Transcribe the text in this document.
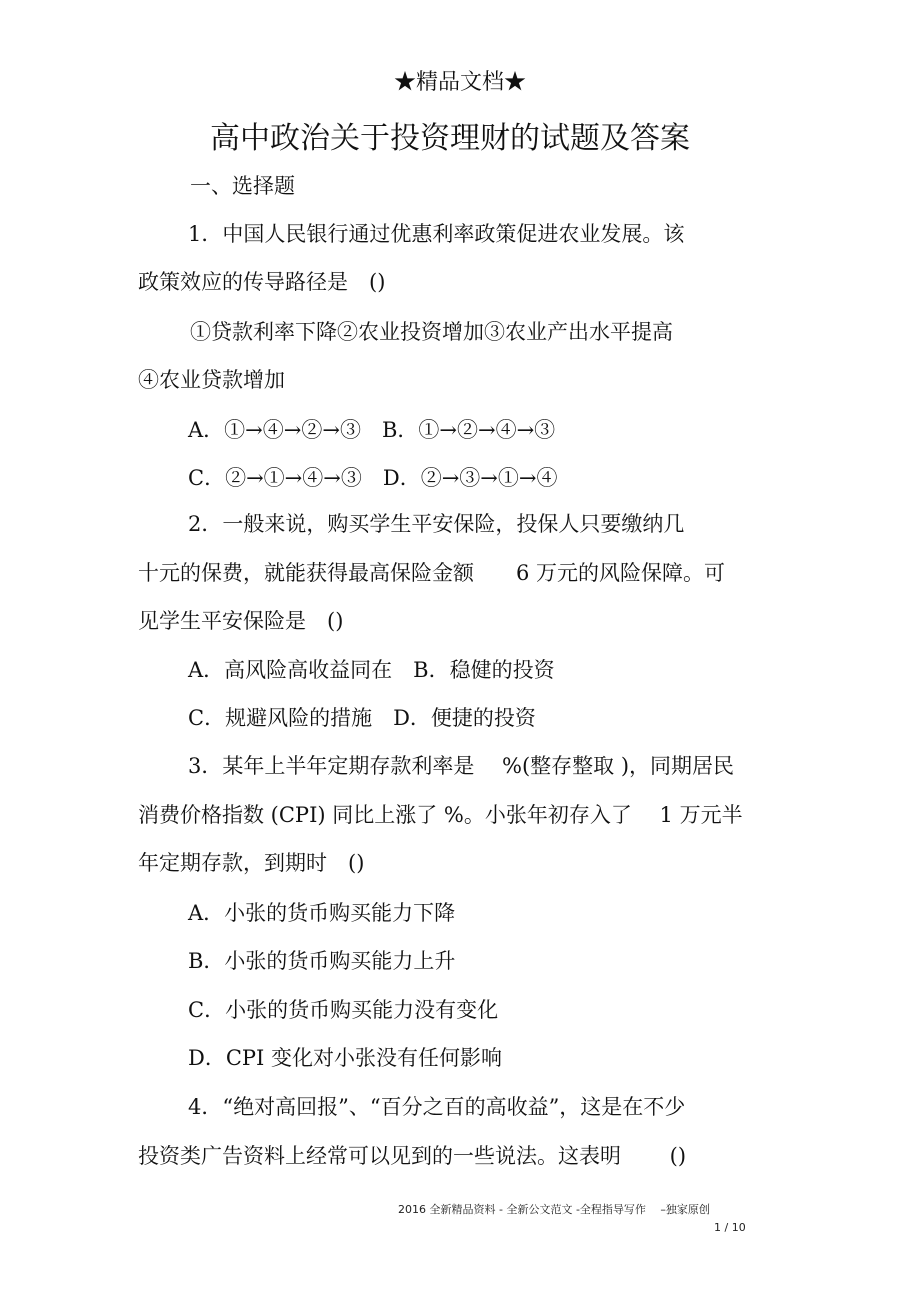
★精品文档★
高中政治关于投资理财的试题及答案
一、选择题
1．中国人民银行通过优惠利率政策促进农业发展。该
政策效应的传导路径是　()
①贷款利率下降②农业投资增加③农业产出水平提高
④农业贷款增加
A．①→④→②→③　B．①→②→④→③
C．②→①→④→③　D．②→③→①→④
2．一般来说，购买学生平安保险，投保人只要缴纳几
十元的保费，就能获得最高保险金额　　6 万元的风险保障。可
见学生平安保险是　()
A．高风险高收益同在　B．稳健的投资
C．规避风险的措施　D．便捷的投资
3．某年上半年定期存款利率是　 %(整存整取 )，同期居民
消费价格指数 (CPI) 同比上涨了 %。小张年初存入了　 1 万元半
年定期存款，到期时　()
A．小张的货币购买能力下降
B．小张的货币购买能力上升
C．小张的货币购买能力没有变化
D．CPI 变化对小张没有任何影响
4．“绝对高回报”、“百分之百的高收益”，这是在不少
投资类广告资料上经常可以见到的一些说法。这表明　　 ()
2016 全新精品资料 - 全新公文范文 -全程指导写作　 –独家原创
1 / 10
